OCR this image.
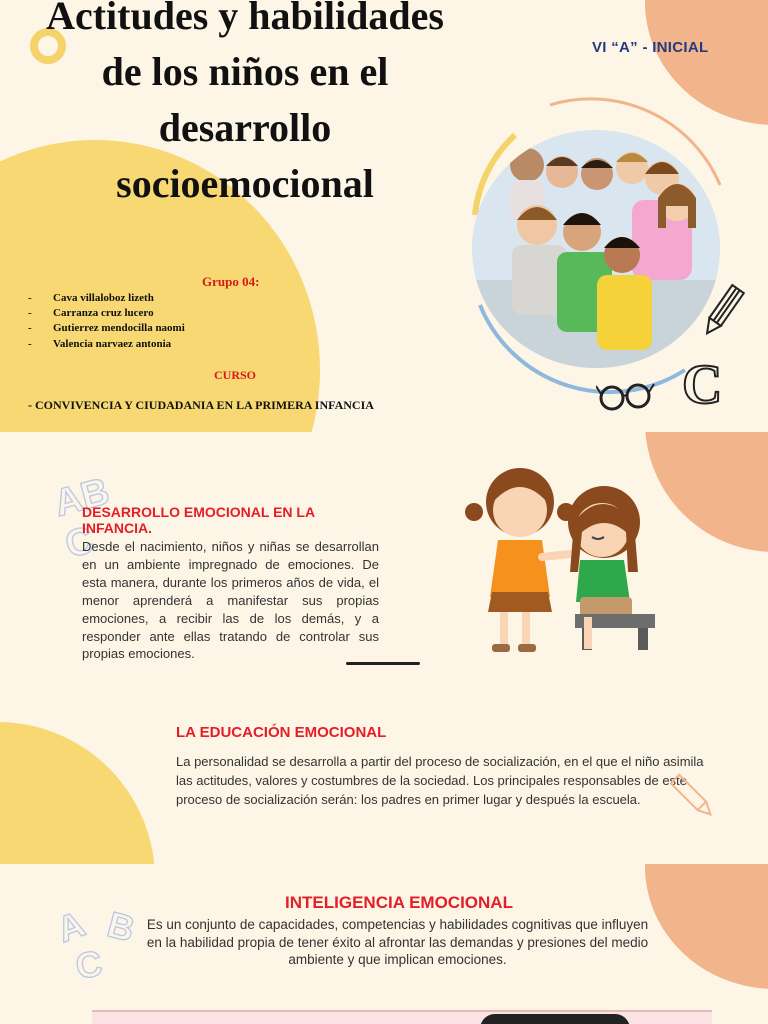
Actitudes y habilidades de los niños en el desarrollo socioemocional
VI “A” - INICIAL
Grupo 04:
-	Cava villaloboz lizeth
-	Carranza cruz lucero
-	Gutierrez mendocilla naomi
-	Valencia narvaez antonia
CURSO
- CONVIVENCIA Y CIUDADANIA EN LA PRIMERA INFANCIA	C
AB
C
DESARROLLO EMOCIONAL EN LA INFANCIA.

Desde el nacimiento, niños y niñas se desarrollan en un ambiente impregnado de emociones. De esta manera, durante los primeros años de vida, el menor aprenderá a manifestar sus propias emociones, a recibir las de los demás, y a responder ante ellas tratando de controlar sus propias emociones.

LA EDUCACIÓN EMOCIONAL

La personalidad se desarrolla a partir del proceso de socialización, en el que el niño asimila las actitudes, valores y costumbres de la sociedad. Los principales responsables de este proceso de socialización serán: los padres en primer lugar y después la escuela.

A B
C
INTELIGENCIA EMOCIONAL

Es un conjunto de capacidades, competencias y habilidades cognitivas que influyen en la habilidad propia de tener éxito al afrontar las demandas y presiones del medio ambiente y que implican emociones.
